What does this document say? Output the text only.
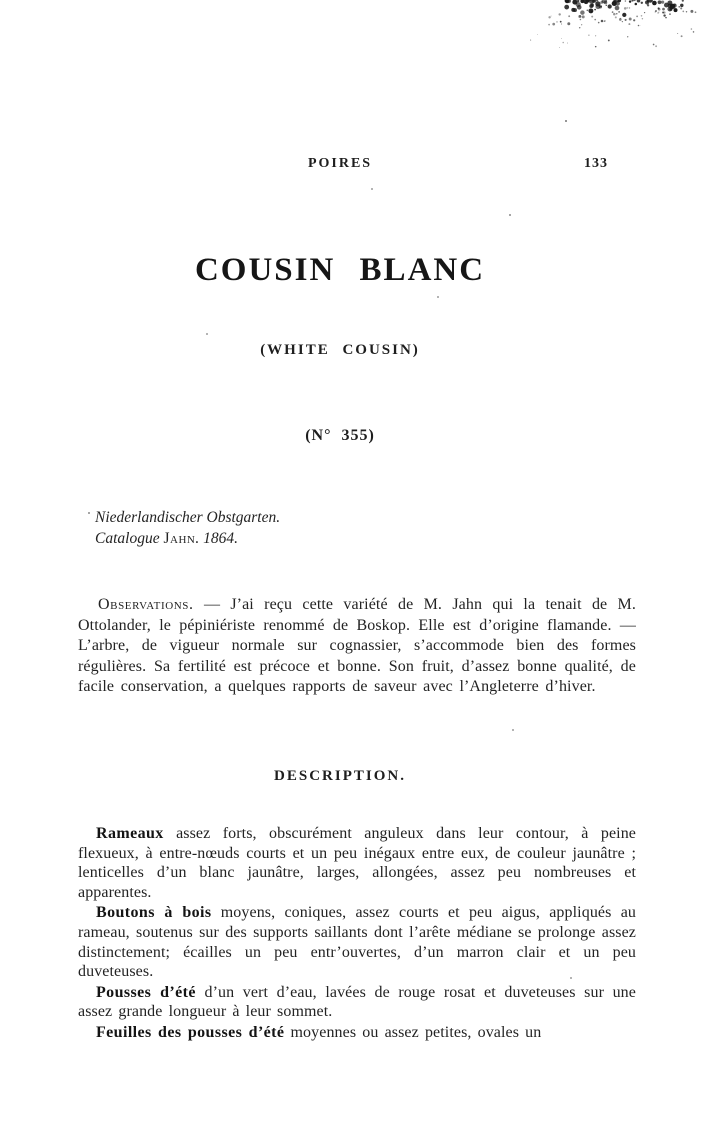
POIRES	133
COUSIN BLANC
(WHITE COUSIN)
(N° 355)
Niederlandischer Obstgarten.
Catalogue Jahn. 1864.

Observations. — J’ai reçu cette variété de M. Jahn qui la tenait de M. Ottolander, le pépiniériste renommé de Boskop. Elle est d’origine flamande. — L’arbre, de vigueur normale sur cognassier, s’accommode bien des formes régulières. Sa fertilité est précoce et bonne. Son fruit, d’assez bonne qualité, de facile conservation, a quelques rapports de saveur avec l’Angleterre d’hiver.

DESCRIPTION.

Rameaux assez forts, obscurément anguleux dans leur contour, à peine flexueux, à entre-nœuds courts et un peu inégaux entre eux, de couleur jaunâtre ; lenticelles d’un blanc jaunâtre, larges, allongées, assez peu nombreuses et apparentes.

Boutons à bois moyens, coniques, assez courts et peu aigus, appliqués au rameau, soutenus sur des supports saillants dont l’arête médiane se prolonge assez distinctement; écailles un peu entr’ouvertes, d’un marron clair et un peu duveteuses.

Pousses d’été d’un vert d’eau, lavées de rouge rosat et duveteuses sur une assez grande longueur à leur sommet.

Feuilles des pousses d’été moyennes ou assez petites, ovales un
